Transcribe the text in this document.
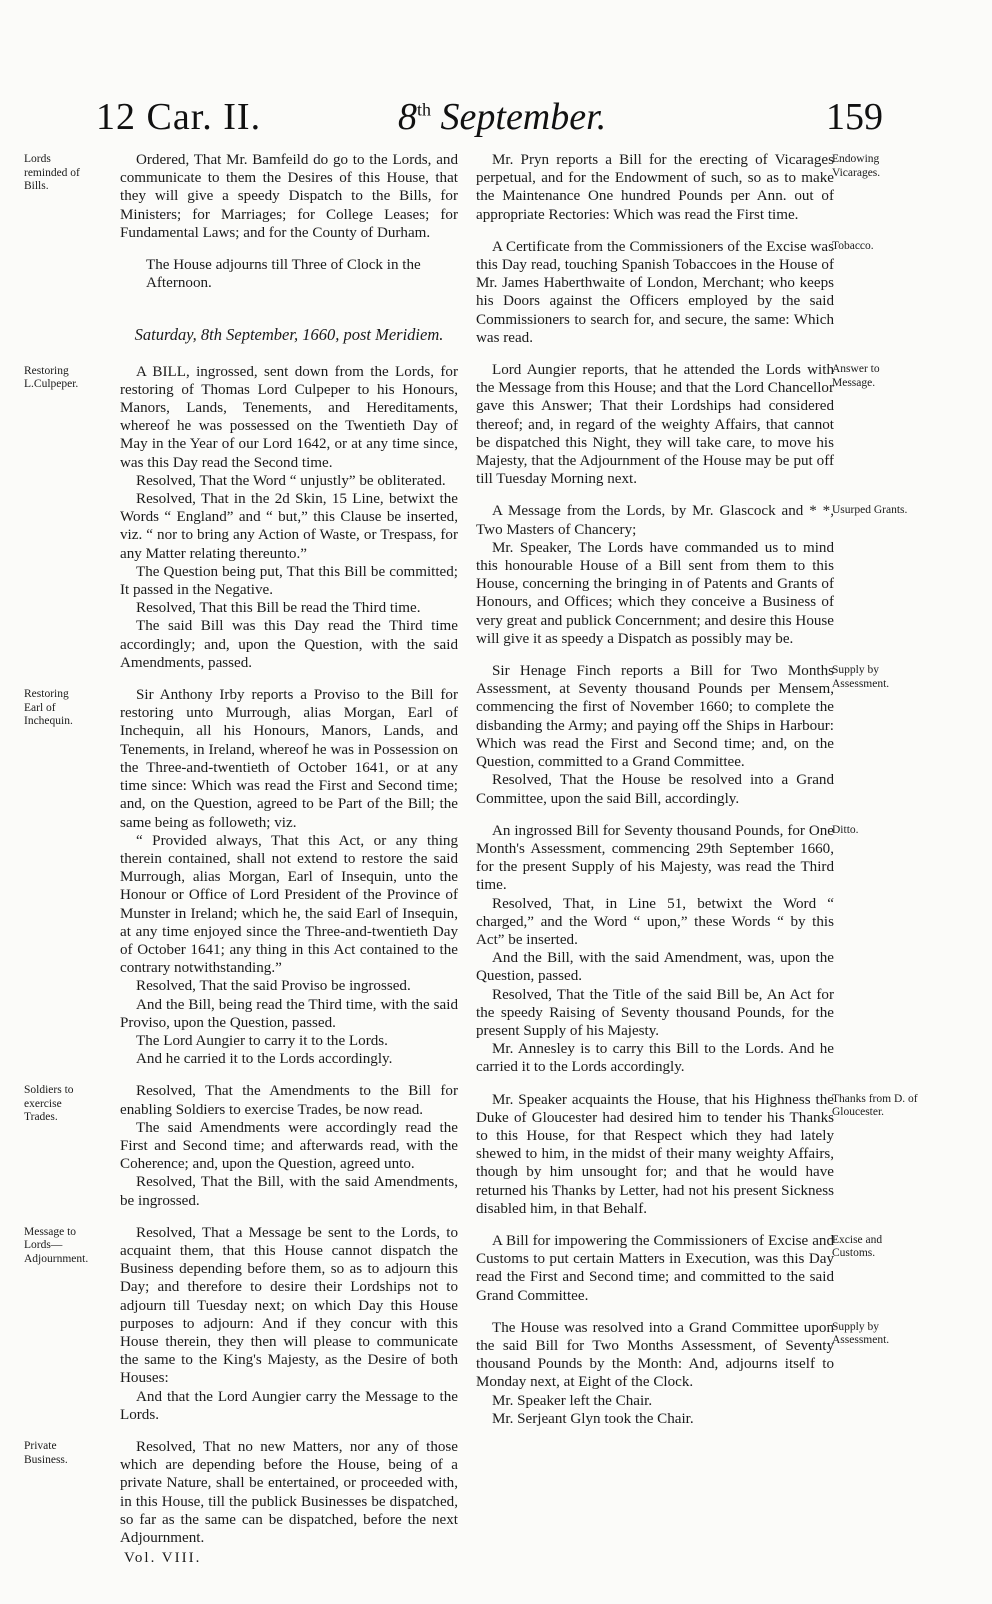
12 Car. II.	8th September.	159
Lords reminded of Bills.

Ordered, That Mr. Bamfeild do go to the Lords, and communicate to them the Desires of this House, that they will give a speedy Dispatch to the Bills, for Ministers; for Marriages; for College Leases; for Fundamental Laws; and for the County of Durham.

The House adjourns till Three of Clock in the Afternoon.

Saturday, 8th September, 1660, post Meridiem.
Restoring L.Culpeper.

A BILL, ingrossed, sent down from the Lords, for restoring of Thomas Lord Culpeper to his Honours, Manors, Lands, Tenements, and Hereditaments, whereof he was possessed on the Twentieth Day of May in the Year of our Lord 1642, or at any time since, was this Day read the Second time.

Resolved, That the Word “ unjustly” be obliterated.

Resolved, That in the 2d Skin, 15 Line, betwixt the Words “ England” and “ but,” this Clause be inserted, viz. “ nor to bring any Action of Waste, or Trespass, for any Matter relating thereunto.”

The Question being put, That this Bill be committed; It passed in the Negative.

Resolved, That this Bill be read the Third time.

The said Bill was this Day read the Third time accordingly; and, upon the Question, with the said Amendments, passed.

Restoring Earl of Inchequin.

Sir Anthony Irby reports a Proviso to the Bill for restoring unto Murrough, alias Morgan, Earl of Inchequin, all his Honours, Manors, Lands, and Tenements, in Ireland, whereof he was in Possession on the Three-and-twentieth of October 1641, or at any time since: Which was read the First and Second time; and, on the Question, agreed to be Part of the Bill; the same being as followeth; viz.

“ Provided always, That this Act, or any thing therein contained, shall not extend to restore the said Murrough, alias Morgan, Earl of Insequin, unto the Honour or Office of Lord President of the Province of Munster in Ireland; which he, the said Earl of Insequin, at any time enjoyed since the Three-and-twentieth Day of October 1641; any thing in this Act contained to the contrary notwithstanding.”

Resolved, That the said Proviso be ingrossed.

And the Bill, being read the Third time, with the said Proviso, upon the Question, passed.

The Lord Aungier to carry it to the Lords.

And he carried it to the Lords accordingly.

Soldiers to exercise Trades.

Resolved, That the Amendments to the Bill for enabling Soldiers to exercise Trades, be now read.

The said Amendments were accordingly read the First and Second time; and afterwards read, with the Coherence; and, upon the Question, agreed unto.

Resolved, That the Bill, with the said Amendments, be ingrossed.

Message to Lords—Adjournment.

Resolved, That a Message be sent to the Lords, to acquaint them, that this House cannot dispatch the Business depending before them, so as to adjourn this Day; and therefore to desire their Lordships not to adjourn till Tuesday next; on which Day this House purposes to adjourn: And if they concur with this House therein, they then will please to communicate the same to the King's Majesty, as the Desire of both Houses:

And that the Lord Aungier carry the Message to the Lords.

Private Business.

Resolved, That no new Matters, nor any of those which are depending before the House, being of a private Nature, shall be entertained, or proceeded with, in this House, till the publick Businesses be dispatched, so far as the same can be dispatched, before the next Adjournment.

Vol. VIII.
Endowing Vicarages.

Mr. Pryn reports a Bill for the erecting of Vicarages perpetual, and for the Endowment of such, so as to make the Maintenance One hundred Pounds per Ann. out of appropriate Rectories: Which was read the First time.

Tobacco.

A Certificate from the Commissioners of the Excise was this Day read, touching Spanish Tobaccoes in the House of Mr. James Haberthwaite of London, Merchant; who keeps his Doors against the Officers employed by the said Commissioners to search for, and secure, the same: Which was read.

Answer to Message.

Lord Aungier reports, that he attended the Lords with the Message from this House; and that the Lord Chancellor gave this Answer; That their Lordships had considered thereof; and, in regard of the weighty Affairs, that cannot be dispatched this Night, they will take care, to move his Majesty, that the Adjournment of the House may be put off till Tuesday Morning next.

Usurped Grants.

A Message from the Lords, by Mr. Glascock and * *, Two Masters of Chancery;

Mr. Speaker, The Lords have commanded us to mind this honourable House of a Bill sent from them to this House, concerning the bringing in of Patents and Grants of Honours, and Offices; which they conceive a Business of very great and publick Concernment; and desire this House will give it as speedy a Dispatch as possibly may be.

Supply by Assessment.

Sir Henage Finch reports a Bill for Two Months Assessment, at Seventy thousand Pounds per Mensem, commencing the first of November 1660; to complete the disbanding the Army; and paying off the Ships in Harbour: Which was read the First and Second time; and, on the Question, committed to a Grand Committee.

Resolved, That the House be resolved into a Grand Committee, upon the said Bill, accordingly.

Ditto.

An ingrossed Bill for Seventy thousand Pounds, for One Month's Assessment, commencing 29th September 1660, for the present Supply of his Majesty, was read the Third time.

Resolved, That, in Line 51, betwixt the Word “ charged,” and the Word “ upon,” these Words “ by this Act” be inserted.

And the Bill, with the said Amendment, was, upon the Question, passed.

Resolved, That the Title of the said Bill be, An Act for the speedy Raising of Seventy thousand Pounds, for the present Supply of his Majesty.

Mr. Annesley is to carry this Bill to the Lords. And he carried it to the Lords accordingly.

Thanks from D. of Gloucester.

Mr. Speaker acquaints the House, that his Highness the Duke of Gloucester had desired him to tender his Thanks to this House, for that Respect which they had lately shewed to him, in the midst of their many weighty Affairs, though by him unsought for; and that he would have returned his Thanks by Letter, had not his present Sickness disabled him, in that Behalf.

Excise and Customs.

A Bill for impowering the Commissioners of Excise and Customs to put certain Matters in Execution, was this Day read the First and Second time; and committed to the said Grand Committee.

Supply by Assessment.

The House was resolved into a Grand Committee upon the said Bill for Two Months Assessment, of Seventy thousand Pounds by the Month: And, adjourns itself to Monday next, at Eight of the Clock.

Mr. Speaker left the Chair.

Mr. Serjeant Glyn took the Chair.
